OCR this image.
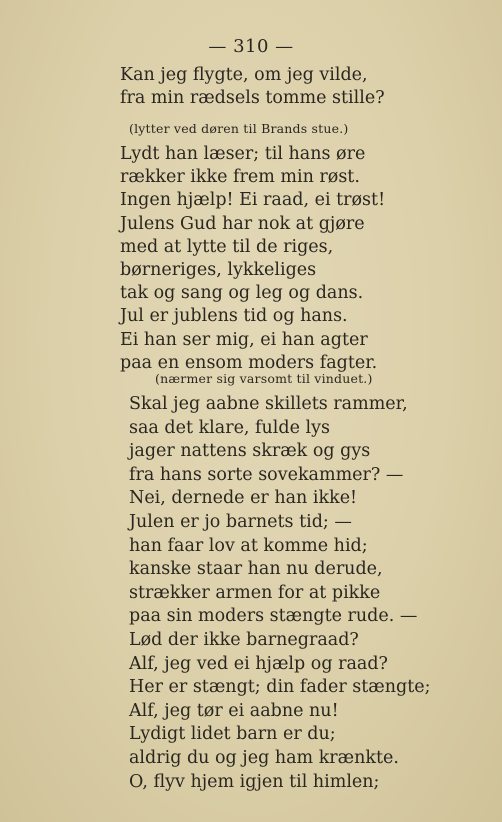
— 310 —
Kan jeg flygte, om jeg vilde,
fra min rædsels tomme stille?
(lytter ved døren til Brands stue.)
Lydt han læser; til hans øre
rækker ikke frem min røst.
Ingen hjælp! Ei raad, ei trøst!
Julens Gud har nok at gjøre
med at lytte til de riges,
børneriges, lykkeliges
tak og sang og leg og dans.
Jul er jublens tid og hans.
Ei han ser mig, ei han agter
paa en ensom moders fagter.
(nærmer sig varsomt til vinduet.)
Skal jeg aabne skillets rammer,
saa det klare, fulde lys
jager nattens skræk og gys
fra hans sorte sovekammer? —
Nei, dernede er han ikke!
Julen er jo barnets tid; —
han faar lov at komme hid;
kanske staar han nu derude,
strækker armen for at pikke
paa sin moders stængte rude. —
Lød der ikke barnegraad?
Alf, jeg ved ei hjælp og raad?
Her er stængt; din fader stængte;
Alf, jeg tør ei aabne nu!
Lydigt lidet barn er du;
aldrig du og jeg ham krænkte.
O, flyv hjem igjen til himlen;
